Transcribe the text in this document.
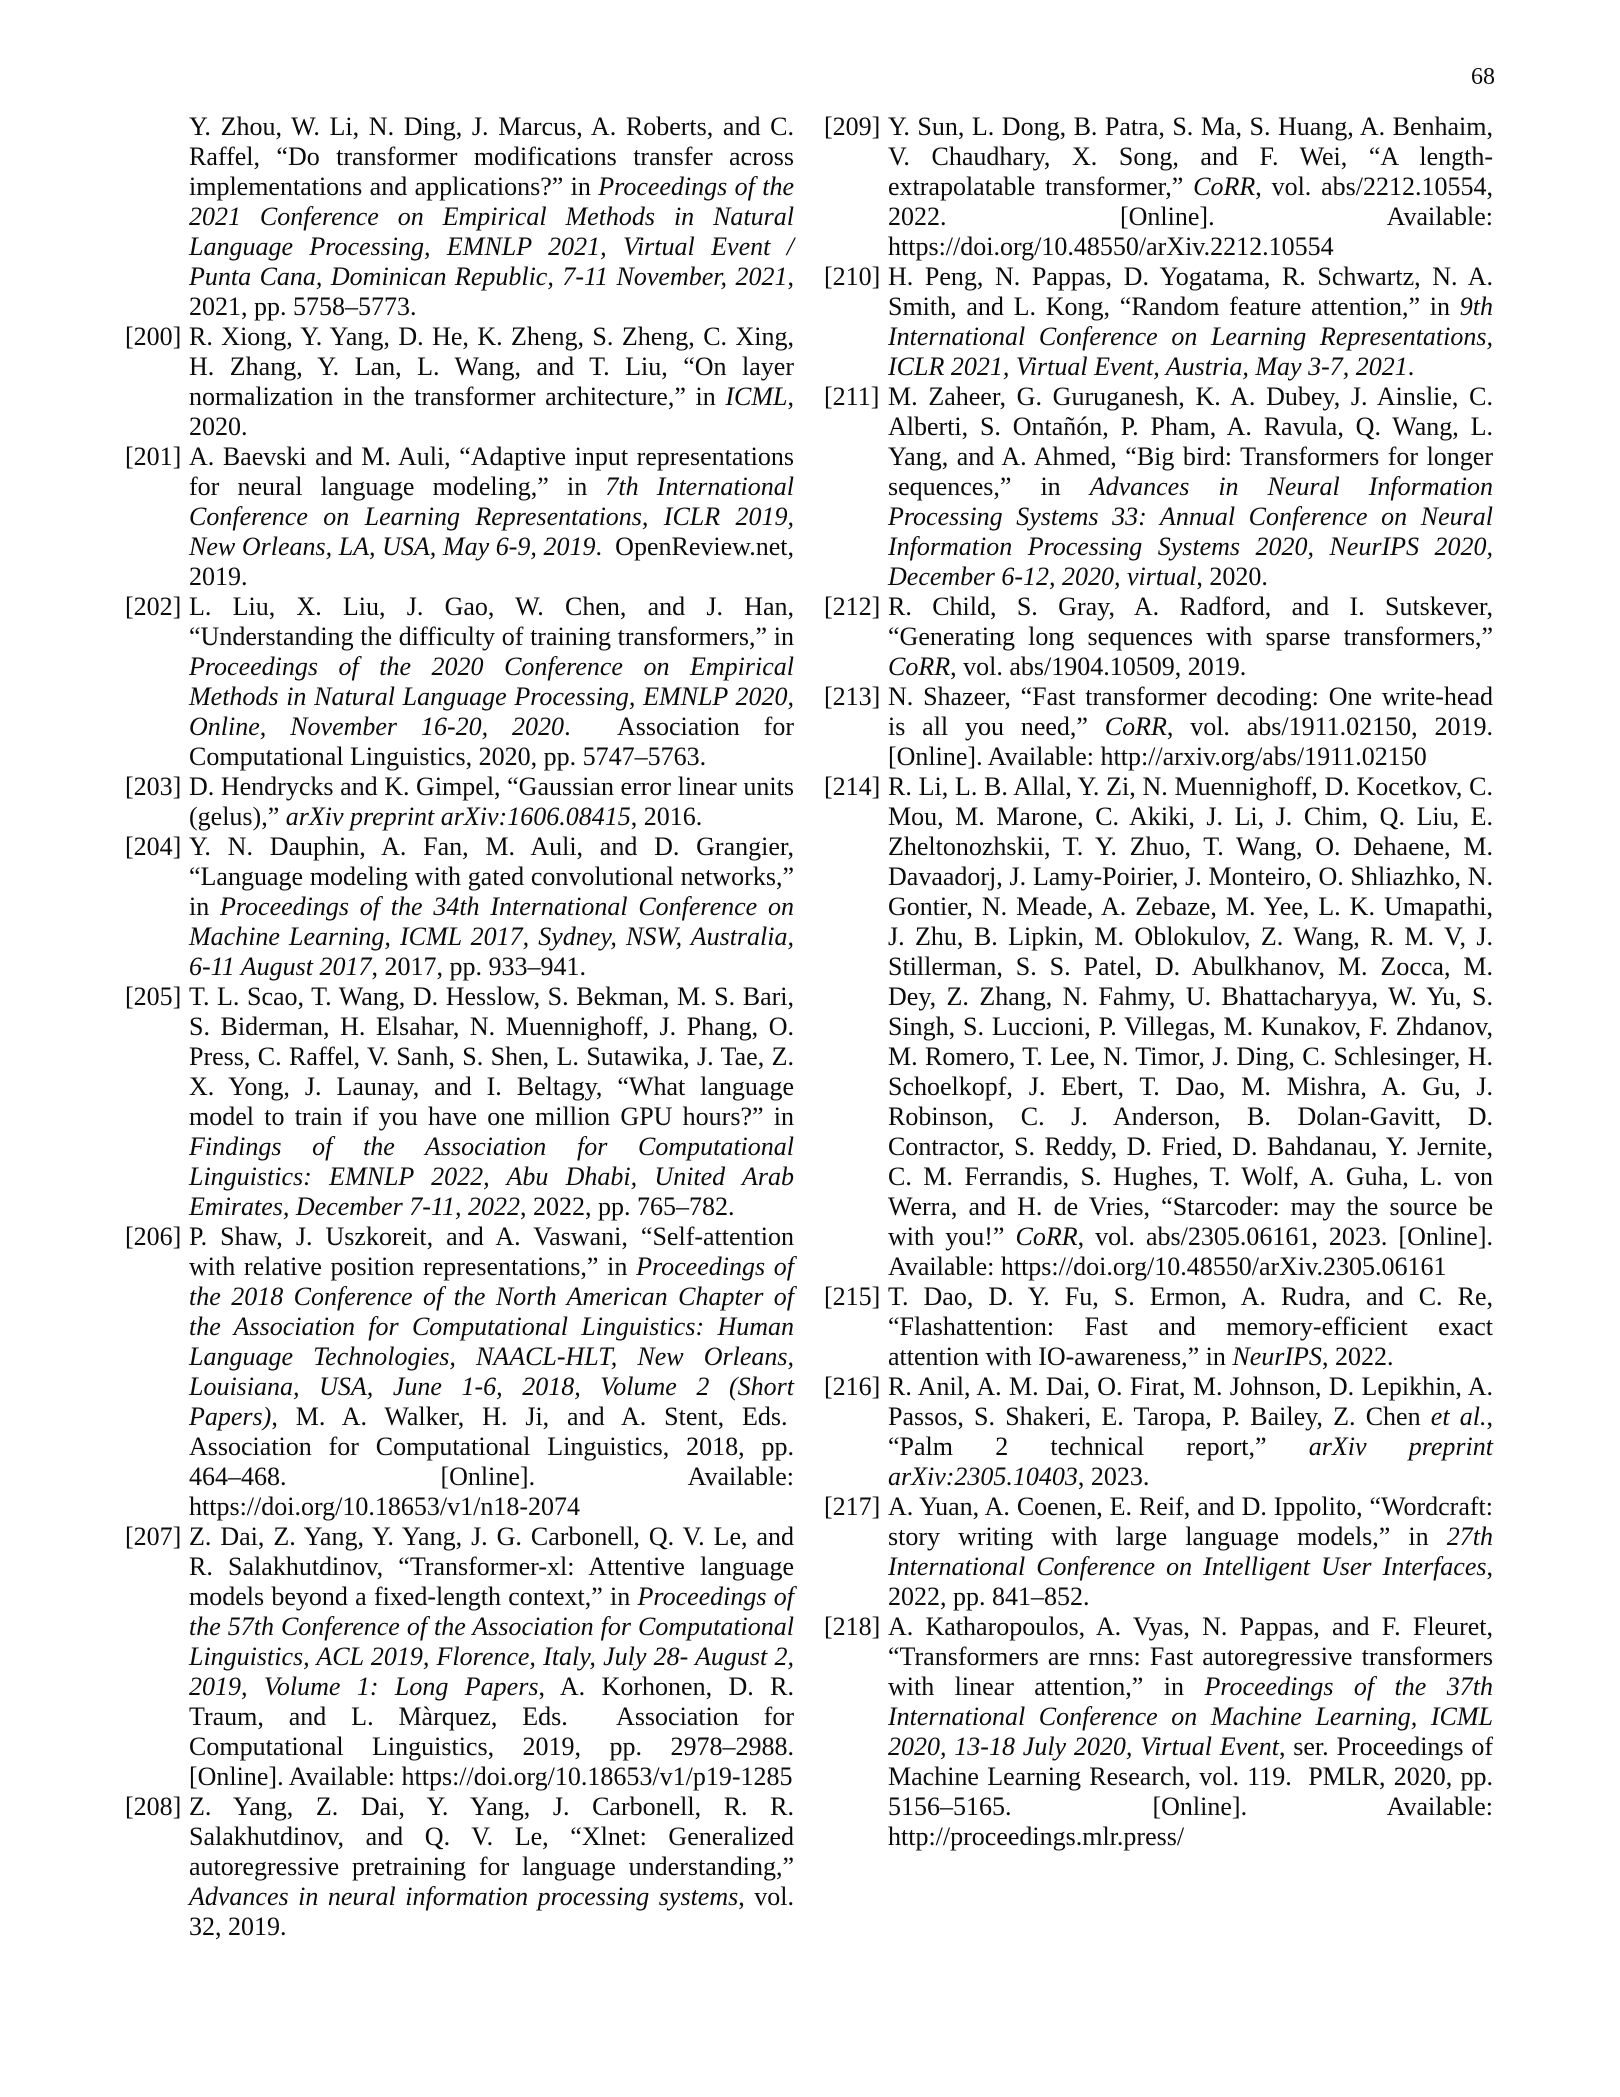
68
Y. Zhou, W. Li, N. Ding, J. Marcus, A. Roberts, and C. Raffel, “Do transformer modifications transfer across implementations and applications?” in Proceedings of the 2021 Conference on Empirical Methods in Natural Language Processing, EMNLP 2021, Virtual Event / Punta Cana, Dominican Republic, 7-11 November, 2021, 2021, pp. 5758–5773.
[200] R. Xiong, Y. Yang, D. He, K. Zheng, S. Zheng, C. Xing, H. Zhang, Y. Lan, L. Wang, and T. Liu, “On layer normalization in the transformer architecture,” in ICML, 2020.
[201] A. Baevski and M. Auli, “Adaptive input representations for neural language modeling,” in 7th International Conference on Learning Representations, ICLR 2019, New Orleans, LA, USA, May 6-9, 2019.  OpenReview.net, 2019.
[202] L. Liu, X. Liu, J. Gao, W. Chen, and J. Han, “Understanding the difficulty of training transformers,” in Proceedings of the 2020 Conference on Empirical Methods in Natural Language Processing, EMNLP 2020, Online, November 16-20, 2020.  Association for Computational Linguistics, 2020, pp. 5747–5763.
[203] D. Hendrycks and K. Gimpel, “Gaussian error linear units (gelus),” arXiv preprint arXiv:1606.08415, 2016.
[204] Y. N. Dauphin, A. Fan, M. Auli, and D. Grangier, “Language modeling with gated convolutional networks,” in Proceedings of the 34th International Conference on Machine Learning, ICML 2017, Sydney, NSW, Australia, 6-11 August 2017, 2017, pp. 933–941.
[205] T. L. Scao, T. Wang, D. Hesslow, S. Bekman, M. S. Bari, S. Biderman, H. Elsahar, N. Muennighoff, J. Phang, O. Press, C. Raffel, V. Sanh, S. Shen, L. Sutawika, J. Tae, Z. X. Yong, J. Launay, and I. Beltagy, “What language model to train if you have one million GPU hours?” in Findings of the Association for Computational Linguistics: EMNLP 2022, Abu Dhabi, United Arab Emirates, December 7-11, 2022, 2022, pp. 765–782.
[206] P. Shaw, J. Uszkoreit, and A. Vaswani, “Self-attention with relative position representations,” in Proceedings of the 2018 Conference of the North American Chapter of the Association for Computational Linguistics: Human Language Technologies, NAACL-HLT, New Orleans, Louisiana, USA, June 1-6, 2018, Volume 2 (Short Papers), M. A. Walker, H. Ji, and A. Stent, Eds.  Association for Computational Linguistics, 2018, pp. 464–468. [Online]. Available: https://doi.org/10.18653/v1/n18-2074
[207] Z. Dai, Z. Yang, Y. Yang, J. G. Carbonell, Q. V. Le, and R. Salakhutdinov, “Transformer-xl: Attentive language models beyond a fixed-length context,” in Proceedings of the 57th Conference of the Association for Computational Linguistics, ACL 2019, Florence, Italy, July 28- August 2, 2019, Volume 1: Long Papers, A. Korhonen, D. R. Traum, and L. Màrquez, Eds.  Association for Computational Linguistics, 2019, pp. 2978–2988. [Online]. Available: https://doi.org/10.18653/v1/p19-1285
[208] Z. Yang, Z. Dai, Y. Yang, J. Carbonell, R. R. Salakhutdinov, and Q. V. Le, “Xlnet: Generalized autoregressive pretraining for language understanding,” Advances in neural information processing systems, vol. 32, 2019.
[209] Y. Sun, L. Dong, B. Patra, S. Ma, S. Huang, A. Benhaim, V. Chaudhary, X. Song, and F. Wei, “A length-extrapolatable transformer,” CoRR, vol. abs/2212.10554, 2022. [Online]. Available: https://doi.org/10.48550/arXiv.2212.10554
[210] H. Peng, N. Pappas, D. Yogatama, R. Schwartz, N. A. Smith, and L. Kong, “Random feature attention,” in 9th International Conference on Learning Representations, ICLR 2021, Virtual Event, Austria, May 3-7, 2021.
[211] M. Zaheer, G. Guruganesh, K. A. Dubey, J. Ainslie, C. Alberti, S. Ontañón, P. Pham, A. Ravula, Q. Wang, L. Yang, and A. Ahmed, “Big bird: Transformers for longer sequences,” in Advances in Neural Information Processing Systems 33: Annual Conference on Neural Information Processing Systems 2020, NeurIPS 2020, December 6-12, 2020, virtual, 2020.
[212] R. Child, S. Gray, A. Radford, and I. Sutskever, “Generating long sequences with sparse transformers,” CoRR, vol. abs/1904.10509, 2019.
[213] N. Shazeer, “Fast transformer decoding: One write-head is all you need,” CoRR, vol. abs/1911.02150, 2019. [Online]. Available: http://arxiv.org/abs/1911.02150
[214] R. Li, L. B. Allal, Y. Zi, N. Muennighoff, D. Kocetkov, C. Mou, M. Marone, C. Akiki, J. Li, J. Chim, Q. Liu, E. Zheltonozhskii, T. Y. Zhuo, T. Wang, O. Dehaene, M. Davaadorj, J. Lamy-Poirier, J. Monteiro, O. Shliazhko, N. Gontier, N. Meade, A. Zebaze, M. Yee, L. K. Umapathi, J. Zhu, B. Lipkin, M. Oblokulov, Z. Wang, R. M. V, J. Stillerman, S. S. Patel, D. Abulkhanov, M. Zocca, M. Dey, Z. Zhang, N. Fahmy, U. Bhattacharyya, W. Yu, S. Singh, S. Luccioni, P. Villegas, M. Kunakov, F. Zhdanov, M. Romero, T. Lee, N. Timor, J. Ding, C. Schlesinger, H. Schoelkopf, J. Ebert, T. Dao, M. Mishra, A. Gu, J. Robinson, C. J. Anderson, B. Dolan-Gavitt, D. Contractor, S. Reddy, D. Fried, D. Bahdanau, Y. Jernite, C. M. Ferrandis, S. Hughes, T. Wolf, A. Guha, L. von Werra, and H. de Vries, “Starcoder: may the source be with you!” CoRR, vol. abs/2305.06161, 2023. [Online]. Available: https://doi.org/10.48550/arXiv.2305.06161
[215] T. Dao, D. Y. Fu, S. Ermon, A. Rudra, and C. Re, “Flashattention: Fast and memory-efficient exact attention with IO-awareness,” in NeurIPS, 2022.
[216] R. Anil, A. M. Dai, O. Firat, M. Johnson, D. Lepikhin, A. Passos, S. Shakeri, E. Taropa, P. Bailey, Z. Chen et al., “Palm 2 technical report,” arXiv preprint arXiv:2305.10403, 2023.
[217] A. Yuan, A. Coenen, E. Reif, and D. Ippolito, “Wordcraft: story writing with large language models,” in 27th International Conference on Intelligent User Interfaces, 2022, pp. 841–852.
[218] A. Katharopoulos, A. Vyas, N. Pappas, and F. Fleuret, “Transformers are rnns: Fast autoregressive transformers with linear attention,” in Proceedings of the 37th International Conference on Machine Learning, ICML 2020, 13-18 July 2020, Virtual Event, ser. Proceedings of Machine Learning Research, vol. 119.  PMLR, 2020, pp. 5156–5165. [Online]. Available: http://proceedings.mlr.press/
